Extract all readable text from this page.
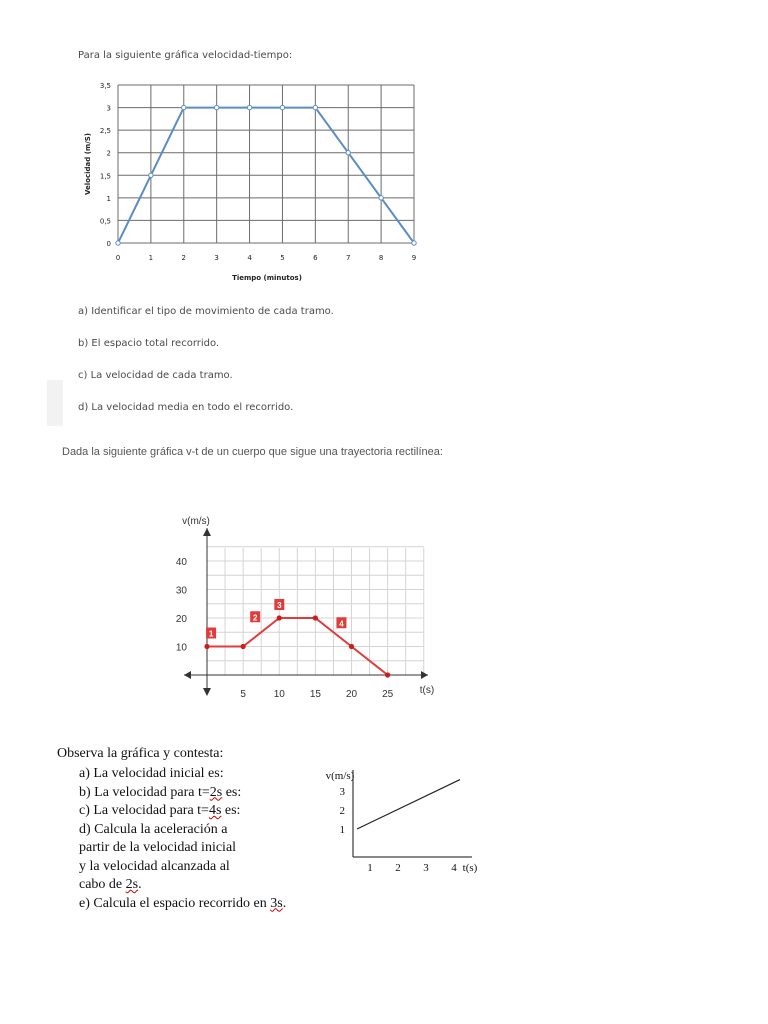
Para la siguiente gráfica velocidad-tiempo:
0	1	2	3	4	5	6	7	8	9
0
0,5
1
1,5
2
2,5
3
3,5
Tiempo (minutos)
Velocidad (m/S)
a) Identificar el tipo de movimiento de cada tramo.
b) El espacio total recorrido.
c) La velocidad de cada tramo.
d) La velocidad media en todo el recorrido.
Dada la siguiente gráfica v-t de un cuerpo que sigue una trayectoria rectilínea:
5	10	15	20	25
10
20
30
40
t(s)
v(m/s)
1
2
3
4
Observa la gráfica y contesta:
a) La velocidad inicial es:
b) La velocidad para t=2s es:
c) La velocidad para t=4s es:
d) Calcula la aceleración a
partir de la velocidad inicial
y la velocidad alcanzada al
cabo de 2s.
e) Calcula el espacio recorrido en 3s.
1 2 3 4
1
2
3
t(s)
v(m/s)
